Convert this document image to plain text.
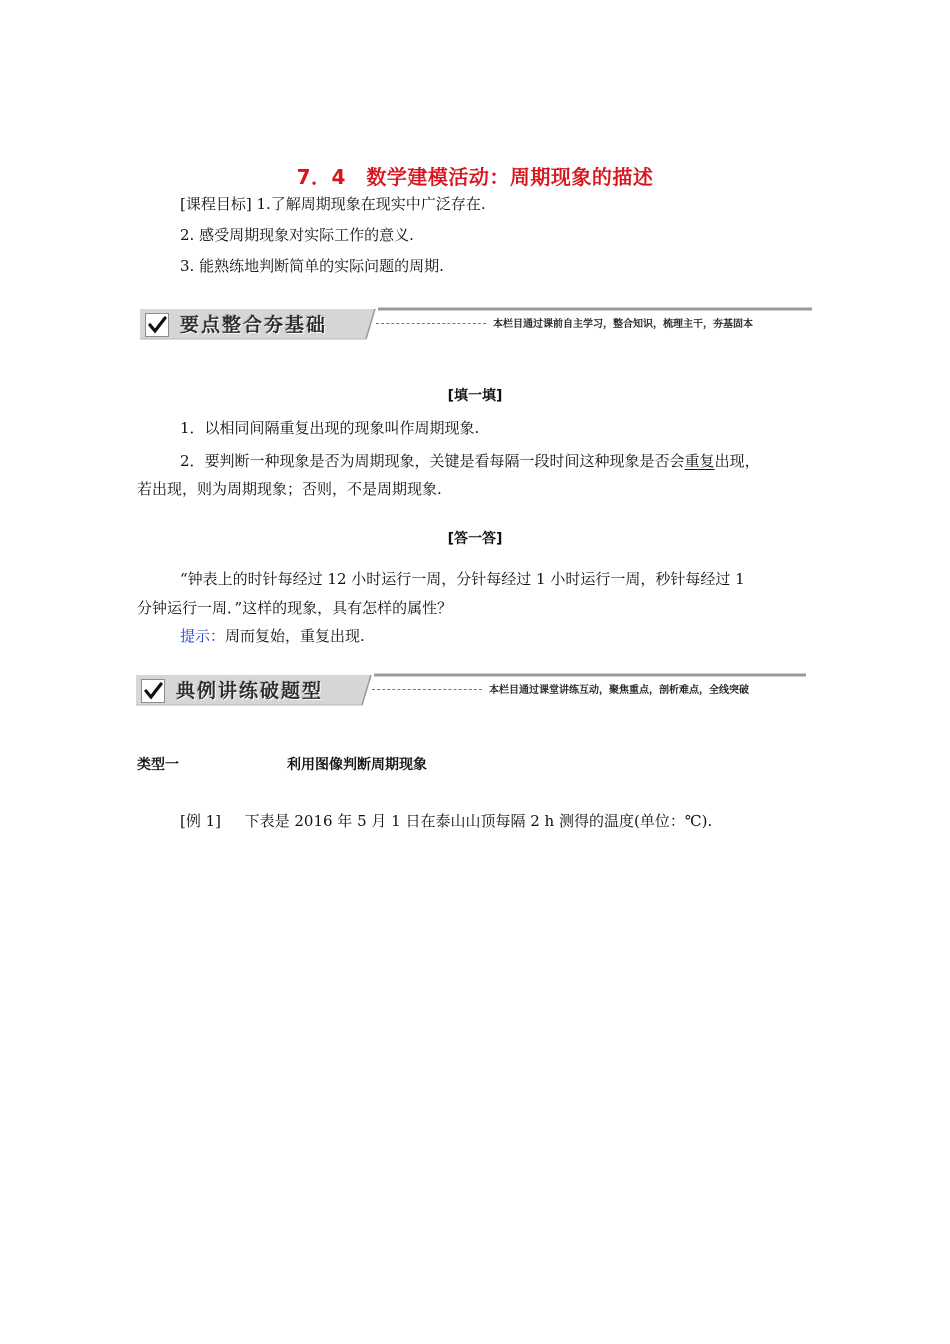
7．4　数学建模活动：周期现象的描述
[课程目标] 1.了解周期现象在现实中广泛存在.
2. 感受周期现象对实际工作的意义.
3. 能熟练地判断简单的实际问题的周期.
要点整合夯基础	本栏目通过课前自主学习，整合知识，梳理主干，夯基固本
[填一填]
1．以相同间隔重复出现的现象叫作周期现象.
2．要判断一种现象是否为周期现象，关键是看每隔一段时间这种现象是否会重复出现，
若出现，则为周期现象；否则，不是周期现象.
[答一答]
“钟表上的时针每经过 12 小时运行一周，分针每经过 1 小时运行一周，秒针每经过 1
分钟运行一周．”这样的现象，具有怎样的属性？
提示：周而复始，重复出现.
典例讲练破题型	本栏目通过课堂讲练互动，聚焦重点，剖析难点，全线突破
类型一	利用图像判断周期现象
[例 1] 下表是 2016 年 5 月 1 日在泰山山顶每隔 2 h 测得的温度(单位：℃).
